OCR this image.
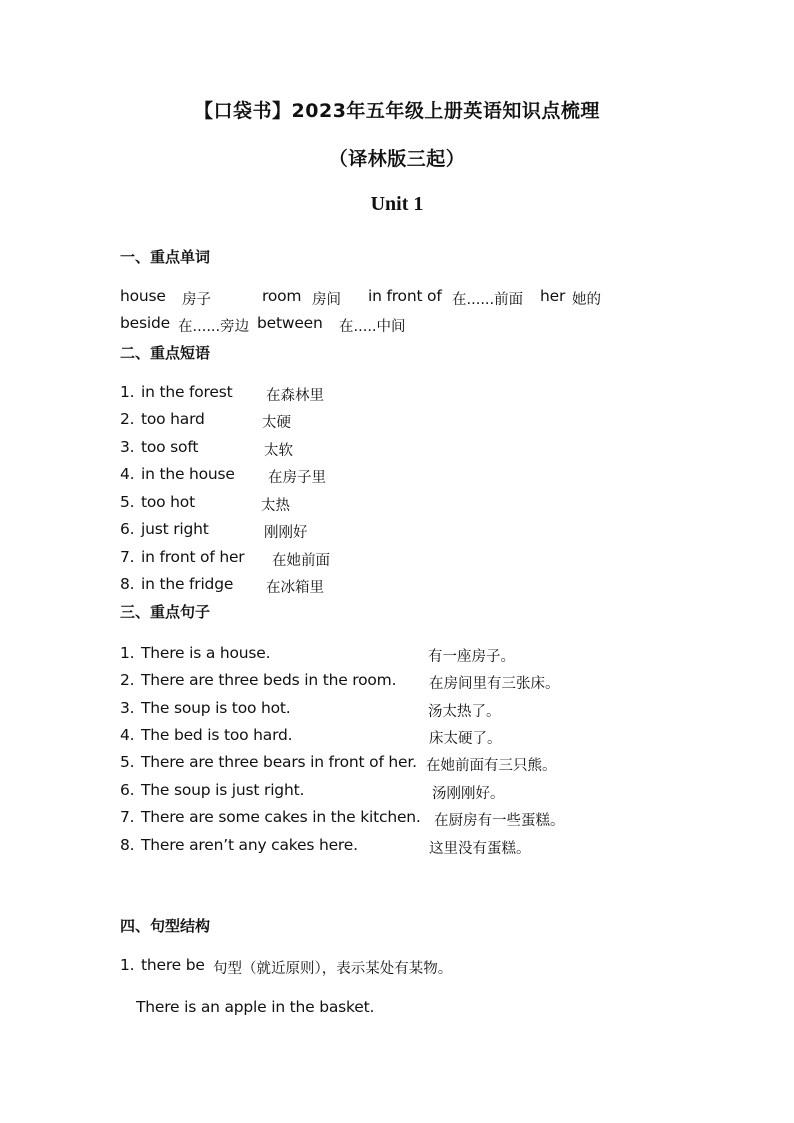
【口袋书】2023年五年级上册英语知识点梳理
（译林版三起）
Unit 1
一、重点单词
house 房子	room 房间 in front of 在......前面 her 她的
beside 在......旁边 between 在.....中间
二、重点短语
1. in the forest 在森林里
2. too hard	太硬
3. too soft	太软
4. in the house 在房子里
5. too hot	太热
6. just right	刚刚好
7. in front of her 在她前面
8. in the fridge 在冰箱里
三、重点句子
1. There is a house.	有一座房子。
2. There are three beds in the room. 在房间里有三张床。
3. The soup is too hot.	汤太热了。
4. The bed is too hard.	床太硬了。
5. There are three bears in front of her. 在她前面有三只熊。
6. The soup is just right.	汤刚刚好。
7. There are some cakes in the kitchen. 在厨房有一些蛋糕。
8. There aren’t any cakes here.	这里没有蛋糕。
四、句型结构
1. there be 句型（就近原则），表示某处有某物。
There is an apple in the basket.
